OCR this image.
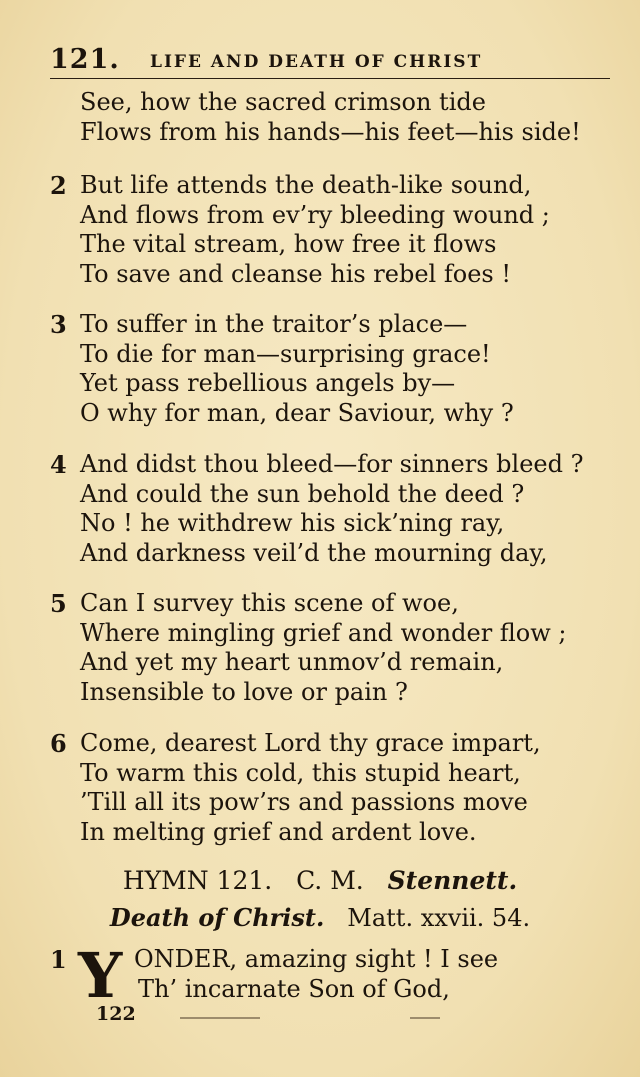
121. LIFE AND DEATH OF CHRIST
See, how the sacred crimson tide
Flows from his hands—his feet—his side!
2 But life attends the death-like sound,
And flows from ev’ry bleeding wound ;
The vital stream, how free it flows
To save and cleanse his rebel foes !
3 To suffer in the traitor’s place—
To die for man—surprising grace!
Yet pass rebellious angels by—
O why for man, dear Saviour, why ?
4 And didst thou bleed—for sinners bleed ?
And could the sun behold the deed ?
No ! he withdrew his sick’ning ray,
And darkness veil’d the mourning day,
5 Can I survey this scene of woe,
Where mingling grief and wonder flow ;
And yet my heart unmov’d remain,
Insensible to love or pain ?
6 Come, dearest Lord thy grace impart,
To warm this cold, this stupid heart,
’Till all its pow’rs and passions move
In melting grief and ardent love.
HYMN 121. C. M. Stennett.
Death of Christ. Matt. xxvii. 54.
1 Y ONDER, amazing sight ! I see
Th’ incarnate Son of God,
122
